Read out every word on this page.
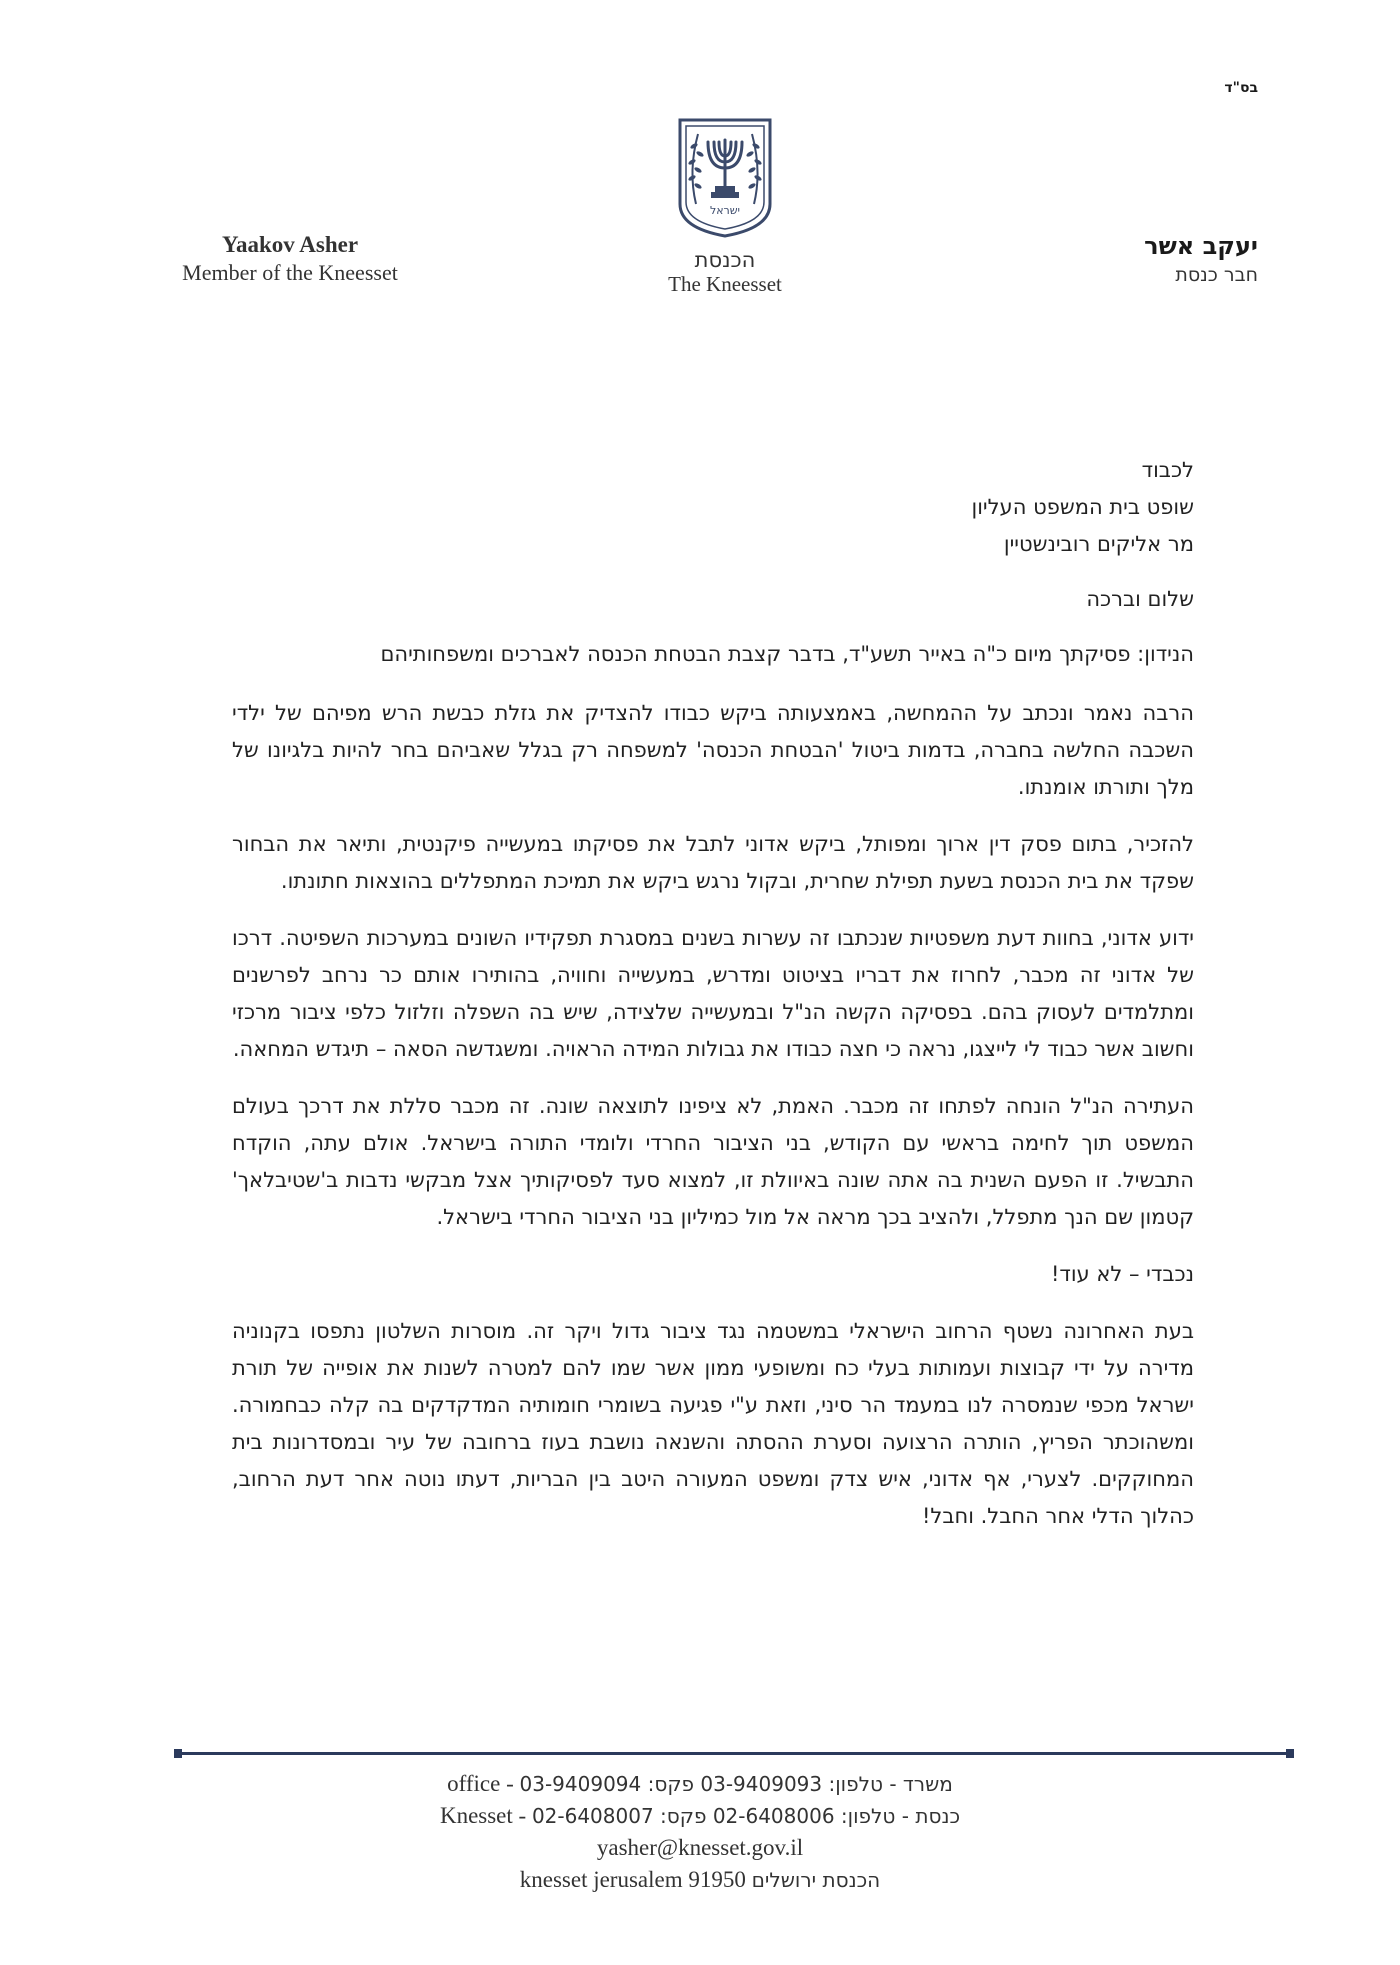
בס"ד
Yaakov Asher
Member of the Kneesset
ישראל
הכנסת
The Kneesset
יעקב אשר
חבר כנסת
לכבוד
שופט בית המשפט העליון
מר אליקים רובינשטיין
שלום וברכה
הנידון: פסיקתך מיום כ"ה באייר תשע"ד, בדבר קצבת הבטחת הכנסה לאברכים ומשפחותיהם

הרבה נאמר ונכתב על ההמחשה, באמצעותה ביקש כבודו להצדיק את גזלת כבשת הרש מפיהם של ילדי השכבה החלשה בחברה, בדמות ביטול 'הבטחת הכנסה' למשפחה רק בגלל שאביהם בחר להיות בלגיונו של מלך ותורתו אומנתו.

להזכיר, בתום פסק דין ארוך ומפותל, ביקש אדוני לתבל את פסיקתו במעשייה פיקנטית, ותיאר את הבחור שפקד את בית הכנסת בשעת תפילת שחרית, ובקול נרגש ביקש את תמיכת המתפללים בהוצאות חתונתו.

ידוע אדוני, בחוות דעת משפטיות שנכתבו זה עשרות בשנים במסגרת תפקידיו השונים במערכות השפיטה. דרכו של אדוני זה מכבר, לחרוז את דבריו בציטוט ומדרש, במעשייה וחוויה, בהותירו אותם כר נרחב לפרשנים ומתלמדים לעסוק בהם. בפסיקה הקשה הנ"ל ובמעשייה שלצידה, שיש בה השפלה וזלזול כלפי ציבור מרכזי וחשוב אשר כבוד לי לייצגו, נראה כי חצה כבודו את גבולות המידה הראויה. ומשגדשה הסאה – תיגדש המחאה.

העתירה הנ"ל הונחה לפתחו זה מכבר. האמת, לא ציפינו לתוצאה שונה. זה מכבר סללת את דרכך בעולם המשפט תוך לחימה בראשי עם הקודש, בני הציבור החרדי ולומדי התורה בישראל. אולם עתה, הוקדח התבשיל. זו הפעם השנית בה אתה שונה באיוולת זו, למצוא סעד לפסיקותיך אצל מבקשי נדבות ב'שטיבלאך' קטמון שם הנך מתפלל, ולהציב בכך מראה אל מול כמיליון בני הציבור החרדי בישראל.

נכבדי – לא עוד!

בעת האחרונה נשטף הרחוב הישראלי במשטמה נגד ציבור גדול ויקר זה. מוסרות השלטון נתפסו בקנוניה מדירה על ידי קבוצות ועמותות בעלי כח ומשופעי ממון אשר שמו להם למטרה לשנות את אופייה של תורת ישראל מכפי שנמסרה לנו במעמד הר סיני, וזאת ע"י פגיעה בשומרי חומותיה המדקדקים בה קלה כבחמורה. ומשהוכתר הפריץ, הותרה הרצועה וסערת ההסתה והשנאה נושבת בעוז ברחובה של עיר ובמסדרונות בית המחוקקים. לצערי, אף אדוני, איש צדק ומשפט המעורה היטב בין הבריות, דעתו נוטה אחר דעת הרחוב, כהלוך הדלי אחר החבל. וחבל!

office - משרד - טלפון: 03-9409093 פקס: 03-9409094
Knesset - כנסת - טלפון: 02-6408006 פקס: 02-6408007
yasher@knesset.gov.il
knesset jerusalem 91950 הכנסת ירושלים
